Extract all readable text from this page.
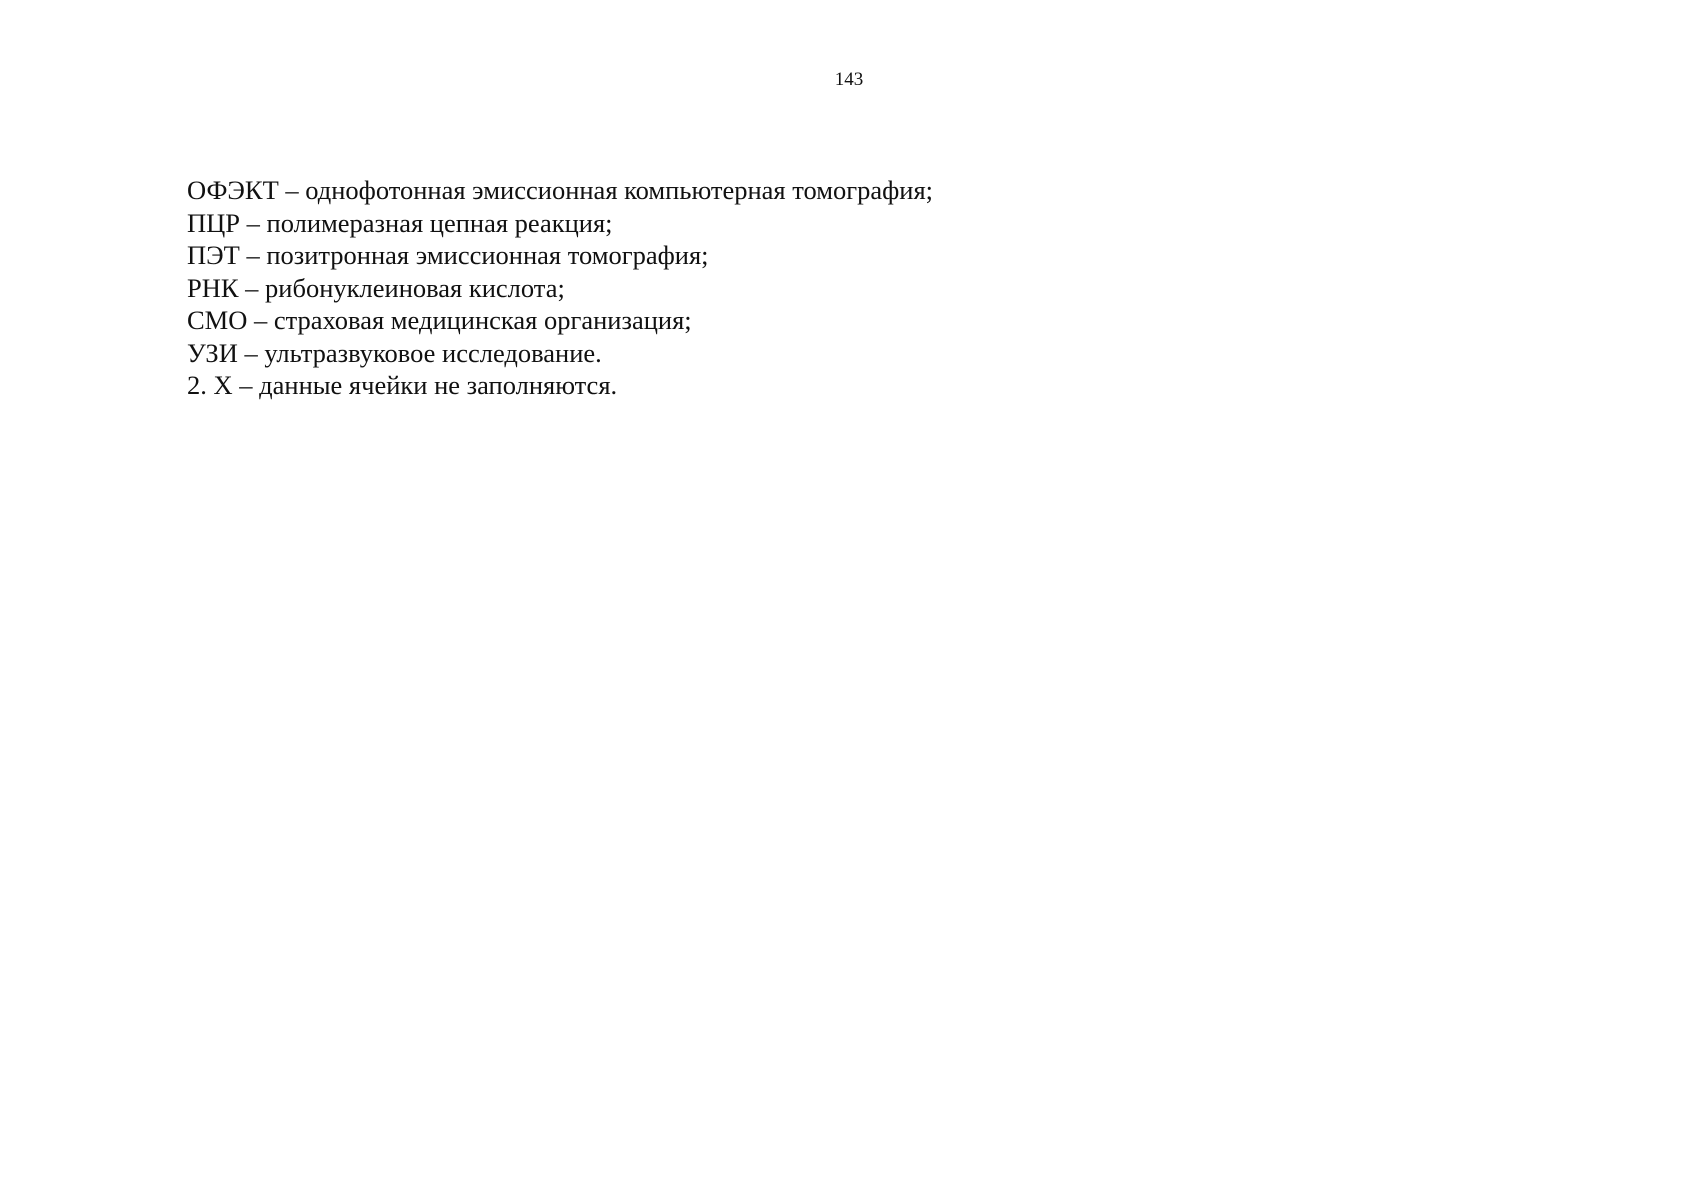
143
ОФЭКТ – однофотонная эмиссионная компьютерная томография;
ПЦР – полимеразная цепная реакция;
ПЭТ – позитронная эмиссионная томография;
РНК – рибонуклеиновая кислота;
СМО – страховая медицинская организация;
УЗИ – ультразвуковое исследование.
2. X – данные ячейки не заполняются.
